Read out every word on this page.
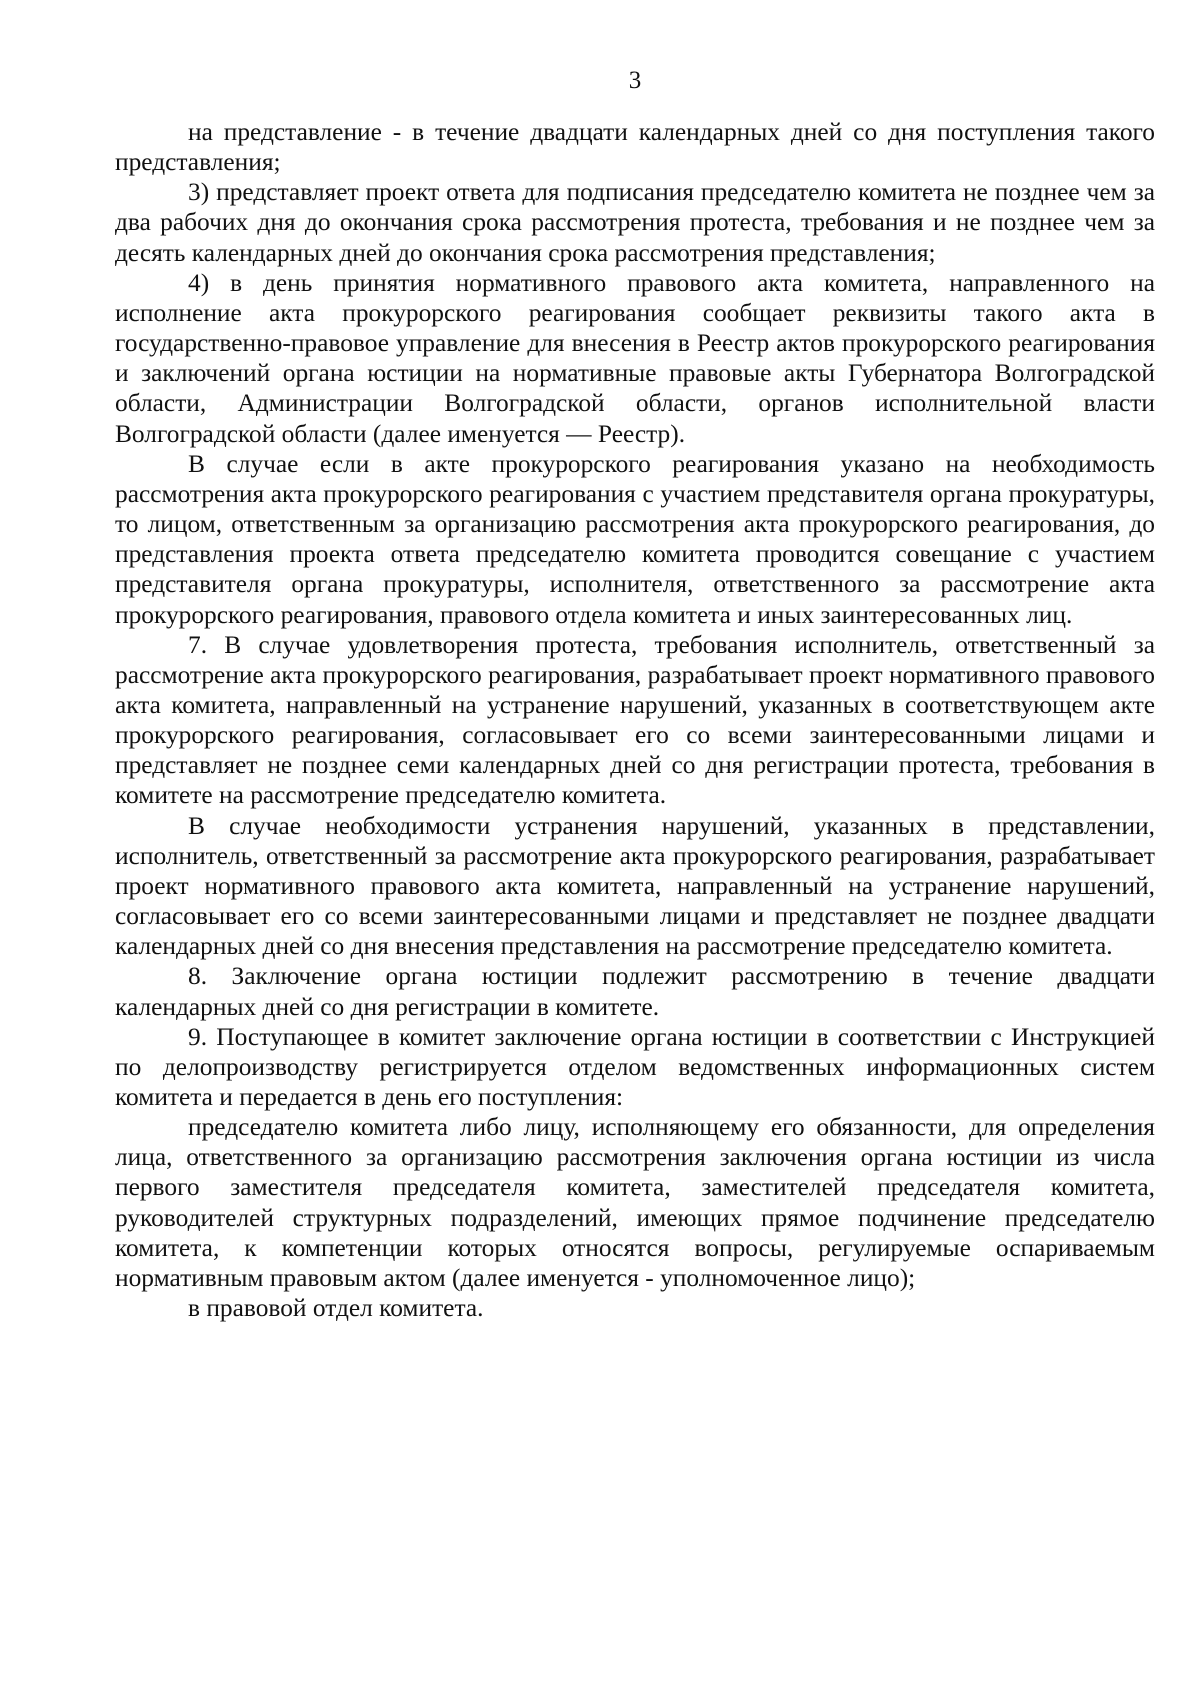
3

на представление - в течение двадцати календарных дней со дня поступления такого представления;

3) представляет проект ответа для подписания председателю комитета не позднее чем за два рабочих дня до окончания срока рассмотрения протеста, требования и не позднее чем за десять календарных дней до окончания срока рассмотрения представления;

4) в день принятия нормативного правового акта комитета, направленного на исполнение акта прокурорского реагирования сообщает реквизиты такого акта в государственно-правовое управление для внесения в Реестр актов прокурорского реагирования и заключений органа юстиции на нормативные правовые акты Губернатора Волгоградской области, Администрации Волгоградской области, органов исполнительной власти Волгоградской области (далее именуется — Реестр).

В случае если в акте прокурорского реагирования указано на необходимость рассмотрения акта прокурорского реагирования с участием представителя органа прокуратуры, то лицом, ответственным за организацию рассмотрения акта прокурорского реагирования, до представления проекта ответа председателю комитета проводится совещание с участием представителя органа прокуратуры, исполнителя, ответственного за рассмотрение акта прокурорского реагирования, правового отдела комитета и иных заинтересованных лиц.

7. В случае удовлетворения протеста, требования исполнитель, ответственный за рассмотрение акта прокурорского реагирования, разрабатывает проект нормативного правового акта комитета, направленный на устранение нарушений, указанных в соответствующем акте прокурорского реагирования, согласовывает его со всеми заинтересованными лицами и представляет не позднее семи календарных дней со дня регистрации протеста, требования в комитете на рассмотрение председателю комитета.

В случае необходимости устранения нарушений, указанных в представлении, исполнитель, ответственный за рассмотрение акта прокурорского реагирования, разрабатывает проект нормативного правового акта комитета, направленный на устранение нарушений, согласовывает его со всеми заинтересованными лицами и представляет не позднее двадцати календарных дней со дня внесения представления на рассмотрение председателю комитета.

8. Заключение органа юстиции подлежит рассмотрению в течение двадцати календарных дней со дня регистрации в комитете.

9. Поступающее в комитет заключение органа юстиции в соответствии с Инструкцией по делопроизводству регистрируется отделом ведомственных информационных систем комитета и передается в день его поступления:

председателю комитета либо лицу, исполняющему его обязанности, для определения лица, ответственного за организацию рассмотрения заключения органа юстиции из числа первого заместителя председателя комитета, заместителей председателя комитета, руководителей структурных подразделений, имеющих прямое подчинение председателю комитета, к компетенции которых относятся вопросы, регулируемые оспариваемым нормативным правовым актом (далее именуется - уполномоченное лицо);

в правовой отдел комитета.
